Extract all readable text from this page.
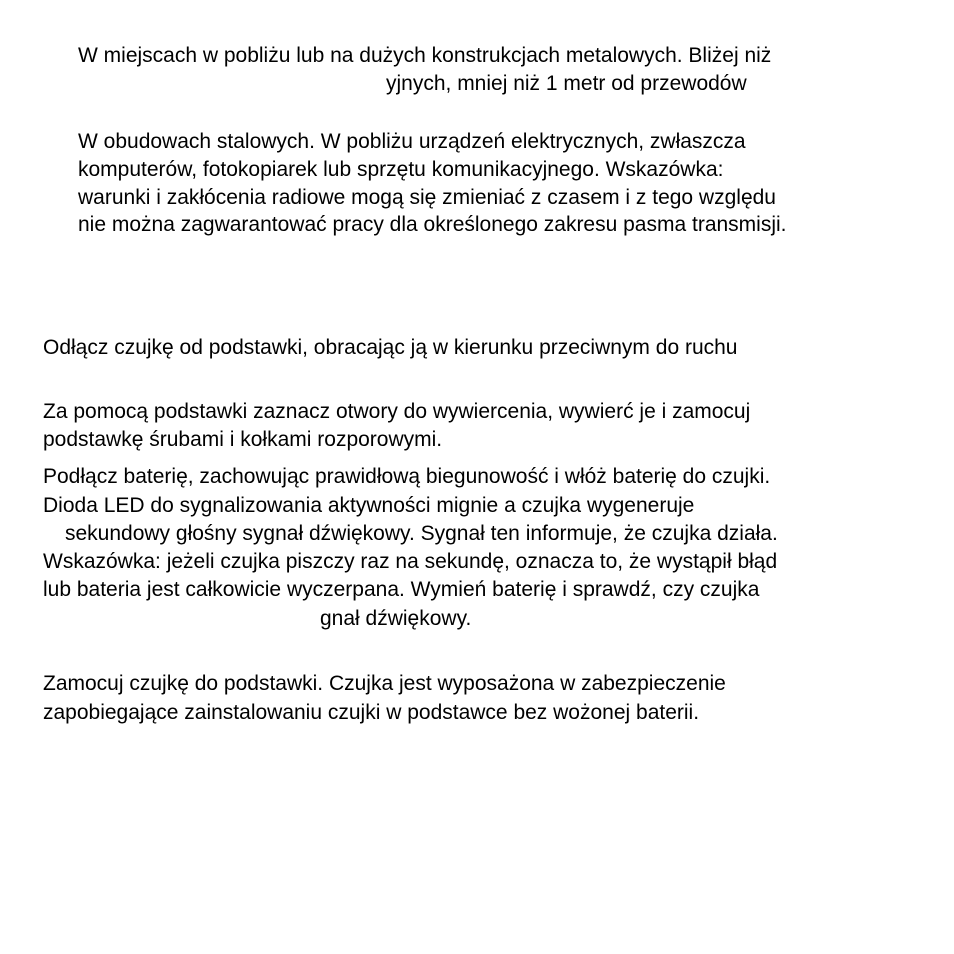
W miejscach w pobliżu lub na dużych konstrukcjach metalowych. Bliżej niż
yjnych, mniej niż 1 metr od przewodów
W obudowach stalowych. W pobliżu urządzeń elektrycznych, zwłaszcza
komputerów, fotokopiarek lub sprzętu komunikacyjnego. Wskazówka:
warunki i zakłócenia radiowe mogą się zmieniać z czasem i z tego względu
nie można zagwarantować pracy dla określonego zakresu pasma transmisji.
Odłącz czujkę od podstawki, obracając ją w kierunku przeciwnym do ruchu
Za pomocą podstawki zaznacz otwory do wywiercenia, wywierć je i zamocuj
podstawkę śrubami i kołkami rozporowymi.
Podłącz baterię, zachowując prawidłową biegunowość i włóż baterię do czujki.
Dioda LED do sygnalizowania aktywności mignie a czujka wygeneruje
sekundowy głośny sygnał dźwiękowy. Sygnał ten informuje, że czujka działa.
Wskazówka: jeżeli czujka piszczy raz na sekundę, oznacza to, że wystąpił błąd
lub bateria jest całkowicie wyczerpana. Wymień baterię i sprawdź, czy czujka
gnał dźwiękowy.
Zamocuj czujkę do podstawki. Czujka jest wyposażona w zabezpieczenie
zapobiegające zainstalowaniu czujki w podstawce bez wożonej baterii.
